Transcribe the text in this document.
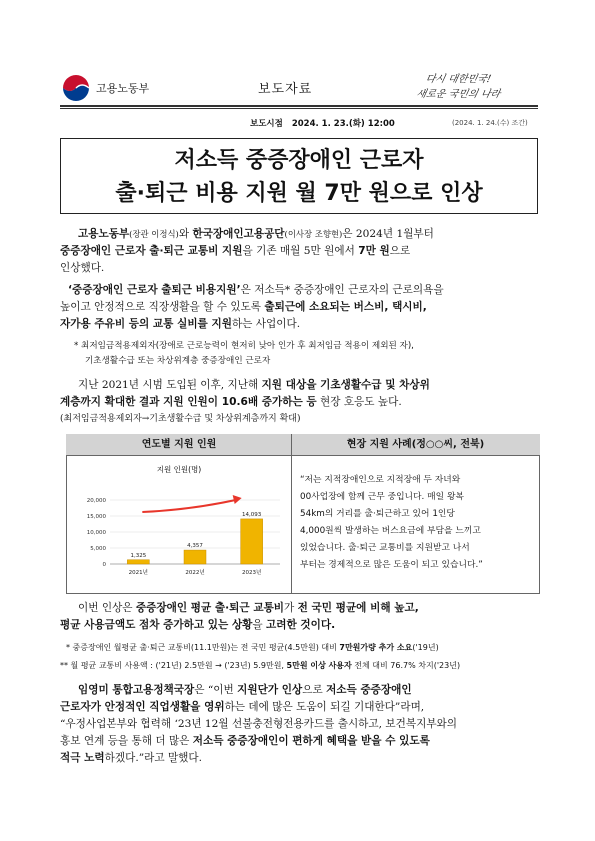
고용노동부	보도자료
다시 대한민국!
새로운 국민의 나라
보도시점 2024. 1. 23.(화) 12:00	(2024. 1. 24.(수) 조간)
저소득 중증장애인 근로자
출·퇴근 비용 지원 월 7만 원으로 인상
고용노동부(장관 이정식)와 한국장애인고용공단(이사장 조향현)은 2024년 1월부터
중증장애인 근로자 출·퇴근 교통비 지원을 기존 매월 5만 원에서 7만 원으로
인상했다.
‘중증장애인 근로자 출퇴근 비용지원’은 저소득* 중증장애인 근로자의 근로의욕을
높이고 안정적으로 직장생활을 할 수 있도록 출퇴근에 소요되는 버스비, 택시비,
자가용 주유비 등의 교통 실비를 지원하는 사업이다.
* 최저임금적용제외자(장애로 근로능력이 현저히 낮아 인가 후 최저임금 적용이 제외된 자),
기초생활수급 또는 차상위계층 중증장애인 근로자
지난 2021년 시범 도입된 이후, 지난해 지원 대상을 기초생활수급 및 차상위
계층까지 확대한 결과 지원 인원이 10.6배 증가하는 등 현장 호응도 높다.
(최저임금적용제외자→기초생활수급 및 차상위계층까지 확대)
연도별 지원 인원	현장 지원 사례(정○○씨, 전북)
지원 인원(명)
20,000
15,000
10,000
5,000
0
1,325
2021년
4,357
2022년
14,093
2023년
“저는 지적장애인으로 지적장애 두 자녀와
00사업장에 함께 근무 중입니다. 매일 왕복
54km의 거리를 출·퇴근하고 있어 1인당
4,000원씩 발생하는 버스요금에 부담을 느끼고
있었습니다. 출·퇴근 교통비를 지원받고 나서
부터는 경제적으로 많은 도움이 되고 있습니다.”
이번 인상은 중증장애인 평균 출·퇴근 교통비가 전 국민 평균에 비해 높고,
평균 사용금액도 점차 증가하고 있는 상황을 고려한 것이다.
* 중증장애인 월평균 출·퇴근 교통비(11.1만원)는 전 국민 평균(4.5만원) 대비 7만원가량 추가 소요('19년)
** 월 평균 교통비 사용액 : ('21년) 2.5만원 → ('23년) 5.9만원, 5만원 이상 사용자 전체 대비 76.7% 차지('23년)
임영미 통합고용정책국장은 “이번 지원단가 인상으로 저소득 중증장애인
근로자가 안정적인 직업생활을 영위하는 데에 많은 도움이 되길 기대한다”라며,
“우정사업본부와 협력해 ‘23년 12월 선불충전형전용카드를 출시하고, 보건복지부와의
홍보 연계 등을 통해 더 많은 저소득 중증장애인이 편하게 혜택을 받을 수 있도록
적극 노력하겠다.”라고 말했다.
